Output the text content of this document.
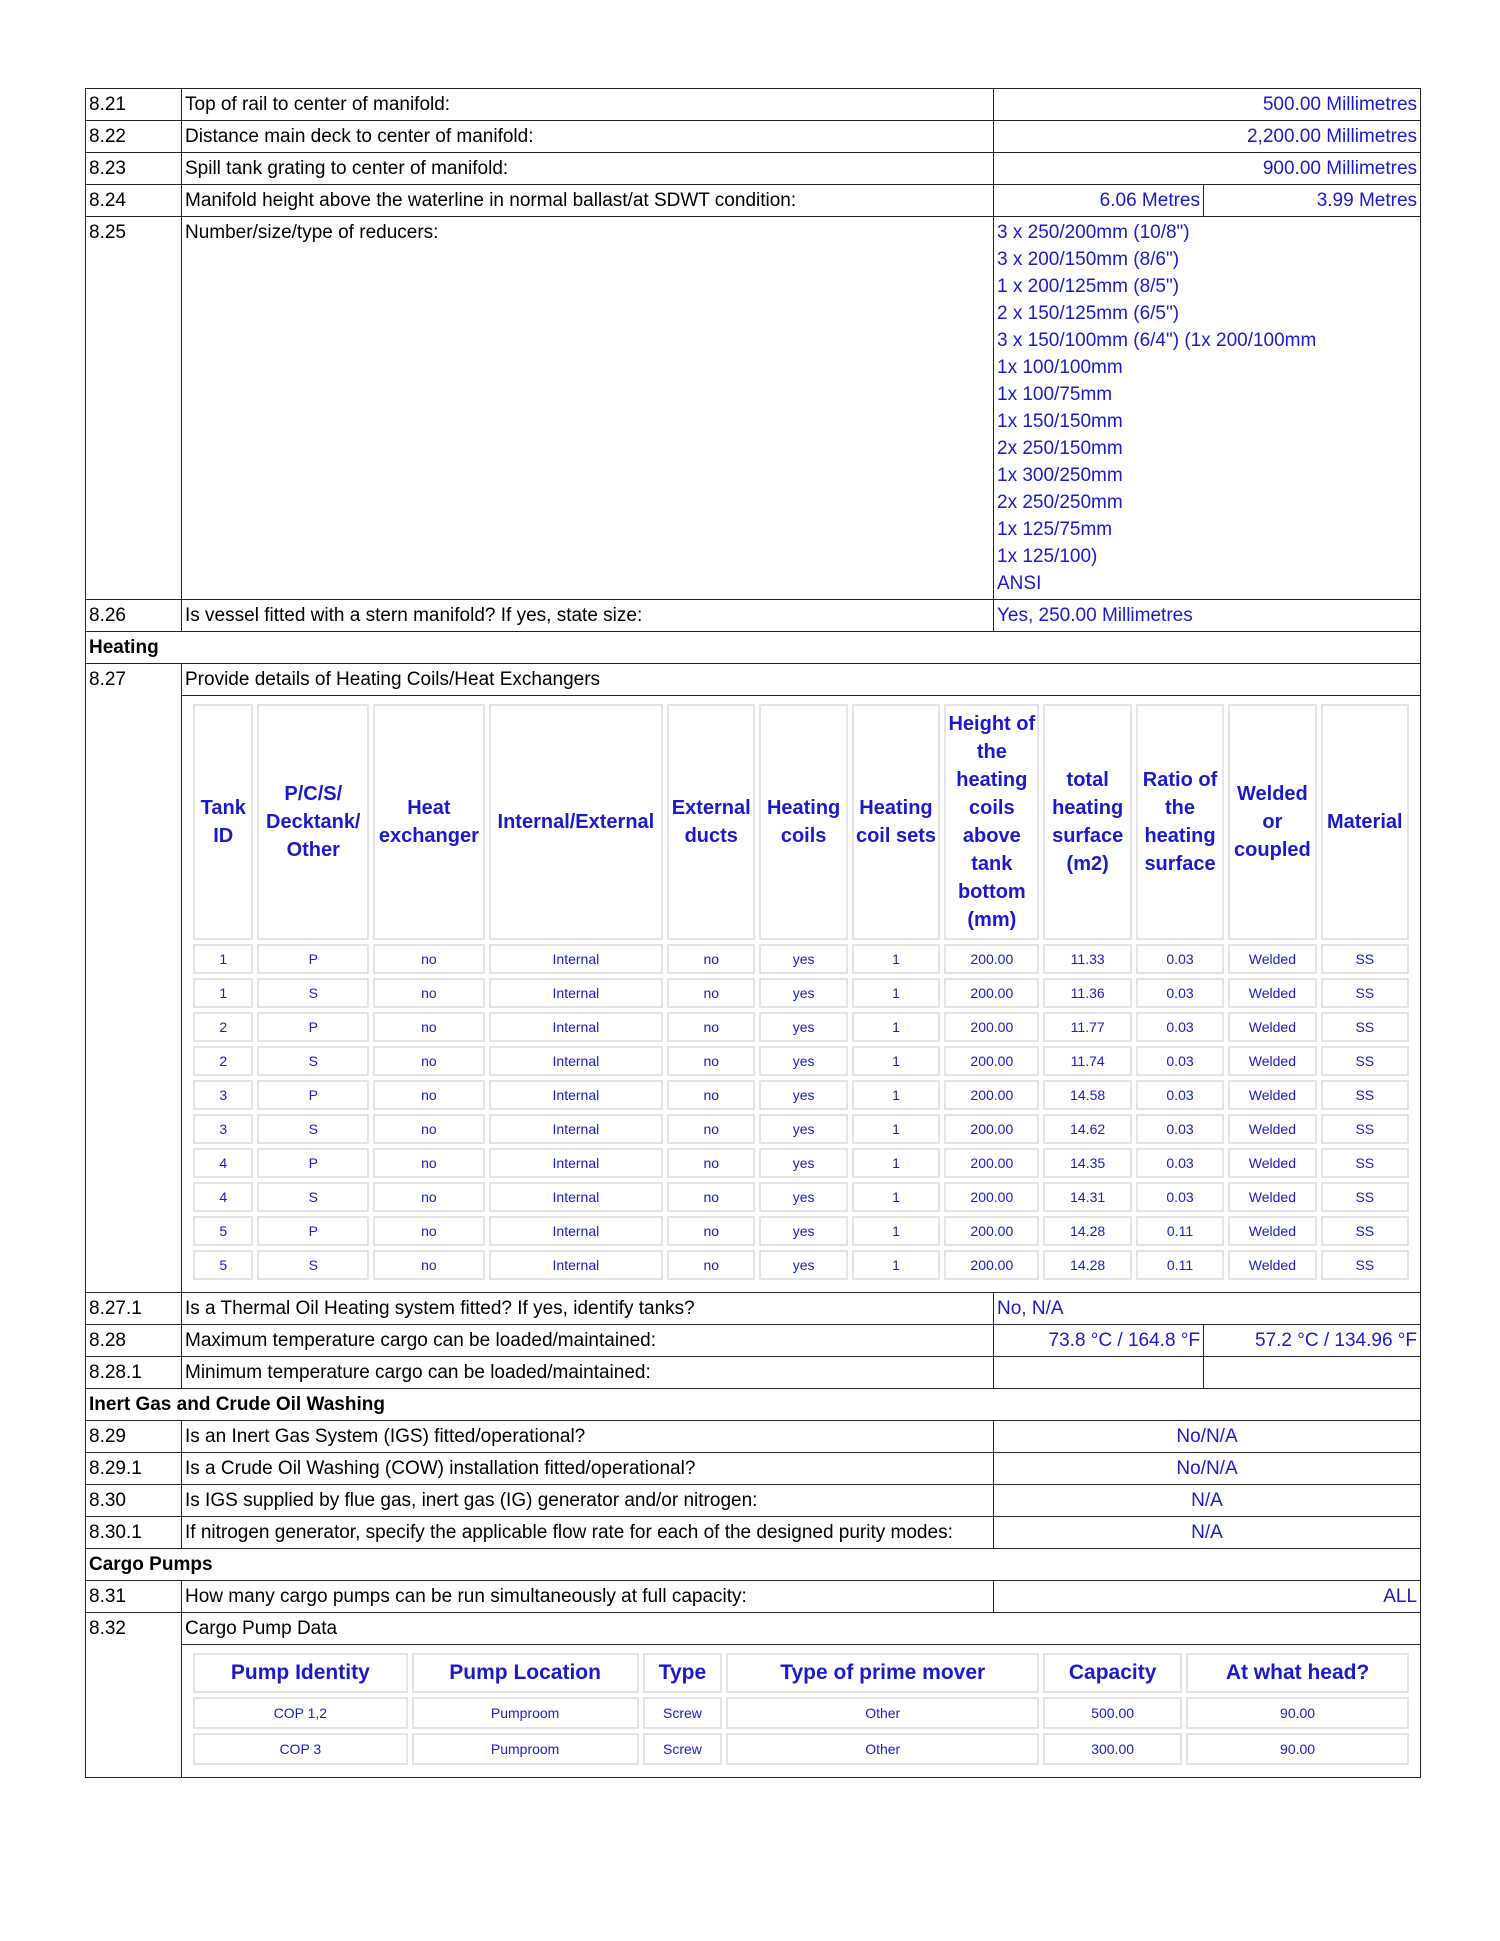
8.21	Top of rail to center of manifold:	500.00 Millimetres
8.22	Distance main deck to center of manifold:	2,200.00 Millimetres
8.23	Spill tank grating to center of manifold:	900.00 Millimetres
8.24	Manifold height above the waterline in normal ballast/at SDWT condition:	6.06 Metres	3.99 Metres
8.25	Number/size/type of reducers:	3 x 250/200mm (10/8")
3 x 200/150mm (8/6")
1 x 200/125mm (8/5")
2 x 150/125mm (6/5")
3 x 150/100mm (6/4") (1x 200/100mm
1x 100/100mm
1x 100/75mm
1x 150/150mm
2x 250/150mm
1x 300/250mm
2x 250/250mm
1x 125/75mm
1x 125/100)
ANSI

8.26	Is vessel fitted with a stern manifold? If yes, state size:	Yes, 250.00 Millimetres
Heating
8.27	Provide details of Heating Coils/Heat Exchangers

Tank ID	P/C/S/ Decktank/ Other	Heat exchanger	Internal/External	External ducts	Heating coils	Heating coil sets	Height of the heating coils above tank bottom (mm)	total heating surface (m2)	Ratio of the heating surface	Welded or coupled	Material
1	P	no	Internal	no	yes	1	200.00	11.33	0.03	Welded	SS
1	S	no	Internal	no	yes	1	200.00	11.36	0.03	Welded	SS
2	P	no	Internal	no	yes	1	200.00	11.77	0.03	Welded	SS
2	S	no	Internal	no	yes	1	200.00	11.74	0.03	Welded	SS
3	P	no	Internal	no	yes	1	200.00	14.58	0.03	Welded	SS
3	S	no	Internal	no	yes	1	200.00	14.62	0.03	Welded	SS
4	P	no	Internal	no	yes	1	200.00	14.35	0.03	Welded	SS
4	S	no	Internal	no	yes	1	200.00	14.31	0.03	Welded	SS
5	P	no	Internal	no	yes	1	200.00	14.28	0.11	Welded	SS
5	S	no	Internal	no	yes	1	200.00	14.28	0.11	Welded	SS

8.27.1	Is a Thermal Oil Heating system fitted? If yes, identify tanks?	No, N/A
8.28	Maximum temperature cargo can be loaded/maintained:	73.8 °C / 164.8 °F	57.2 °C / 134.96 °F
8.28.1	Minimum temperature cargo can be loaded/maintained:		
Inert Gas and Crude Oil Washing
8.29	Is an Inert Gas System (IGS) fitted/operational?	No/N/A
8.29.1	Is a Crude Oil Washing (COW) installation fitted/operational?	No/N/A
8.30	Is IGS supplied by flue gas, inert gas (IG) generator and/or nitrogen:	N/A
8.30.1	If nitrogen generator, specify the applicable flow rate for each of the designed purity modes:	N/A
Cargo Pumps
8.31	How many cargo pumps can be run simultaneously at full capacity:	ALL
8.32	Cargo Pump Data

Pump Identity	Pump Location	Type	Type of prime mover	Capacity	At what head?
COP 1,2	Pumproom	Screw	Other	500.00	90.00
COP 3	Pumproom	Screw	Other	300.00	90.00
